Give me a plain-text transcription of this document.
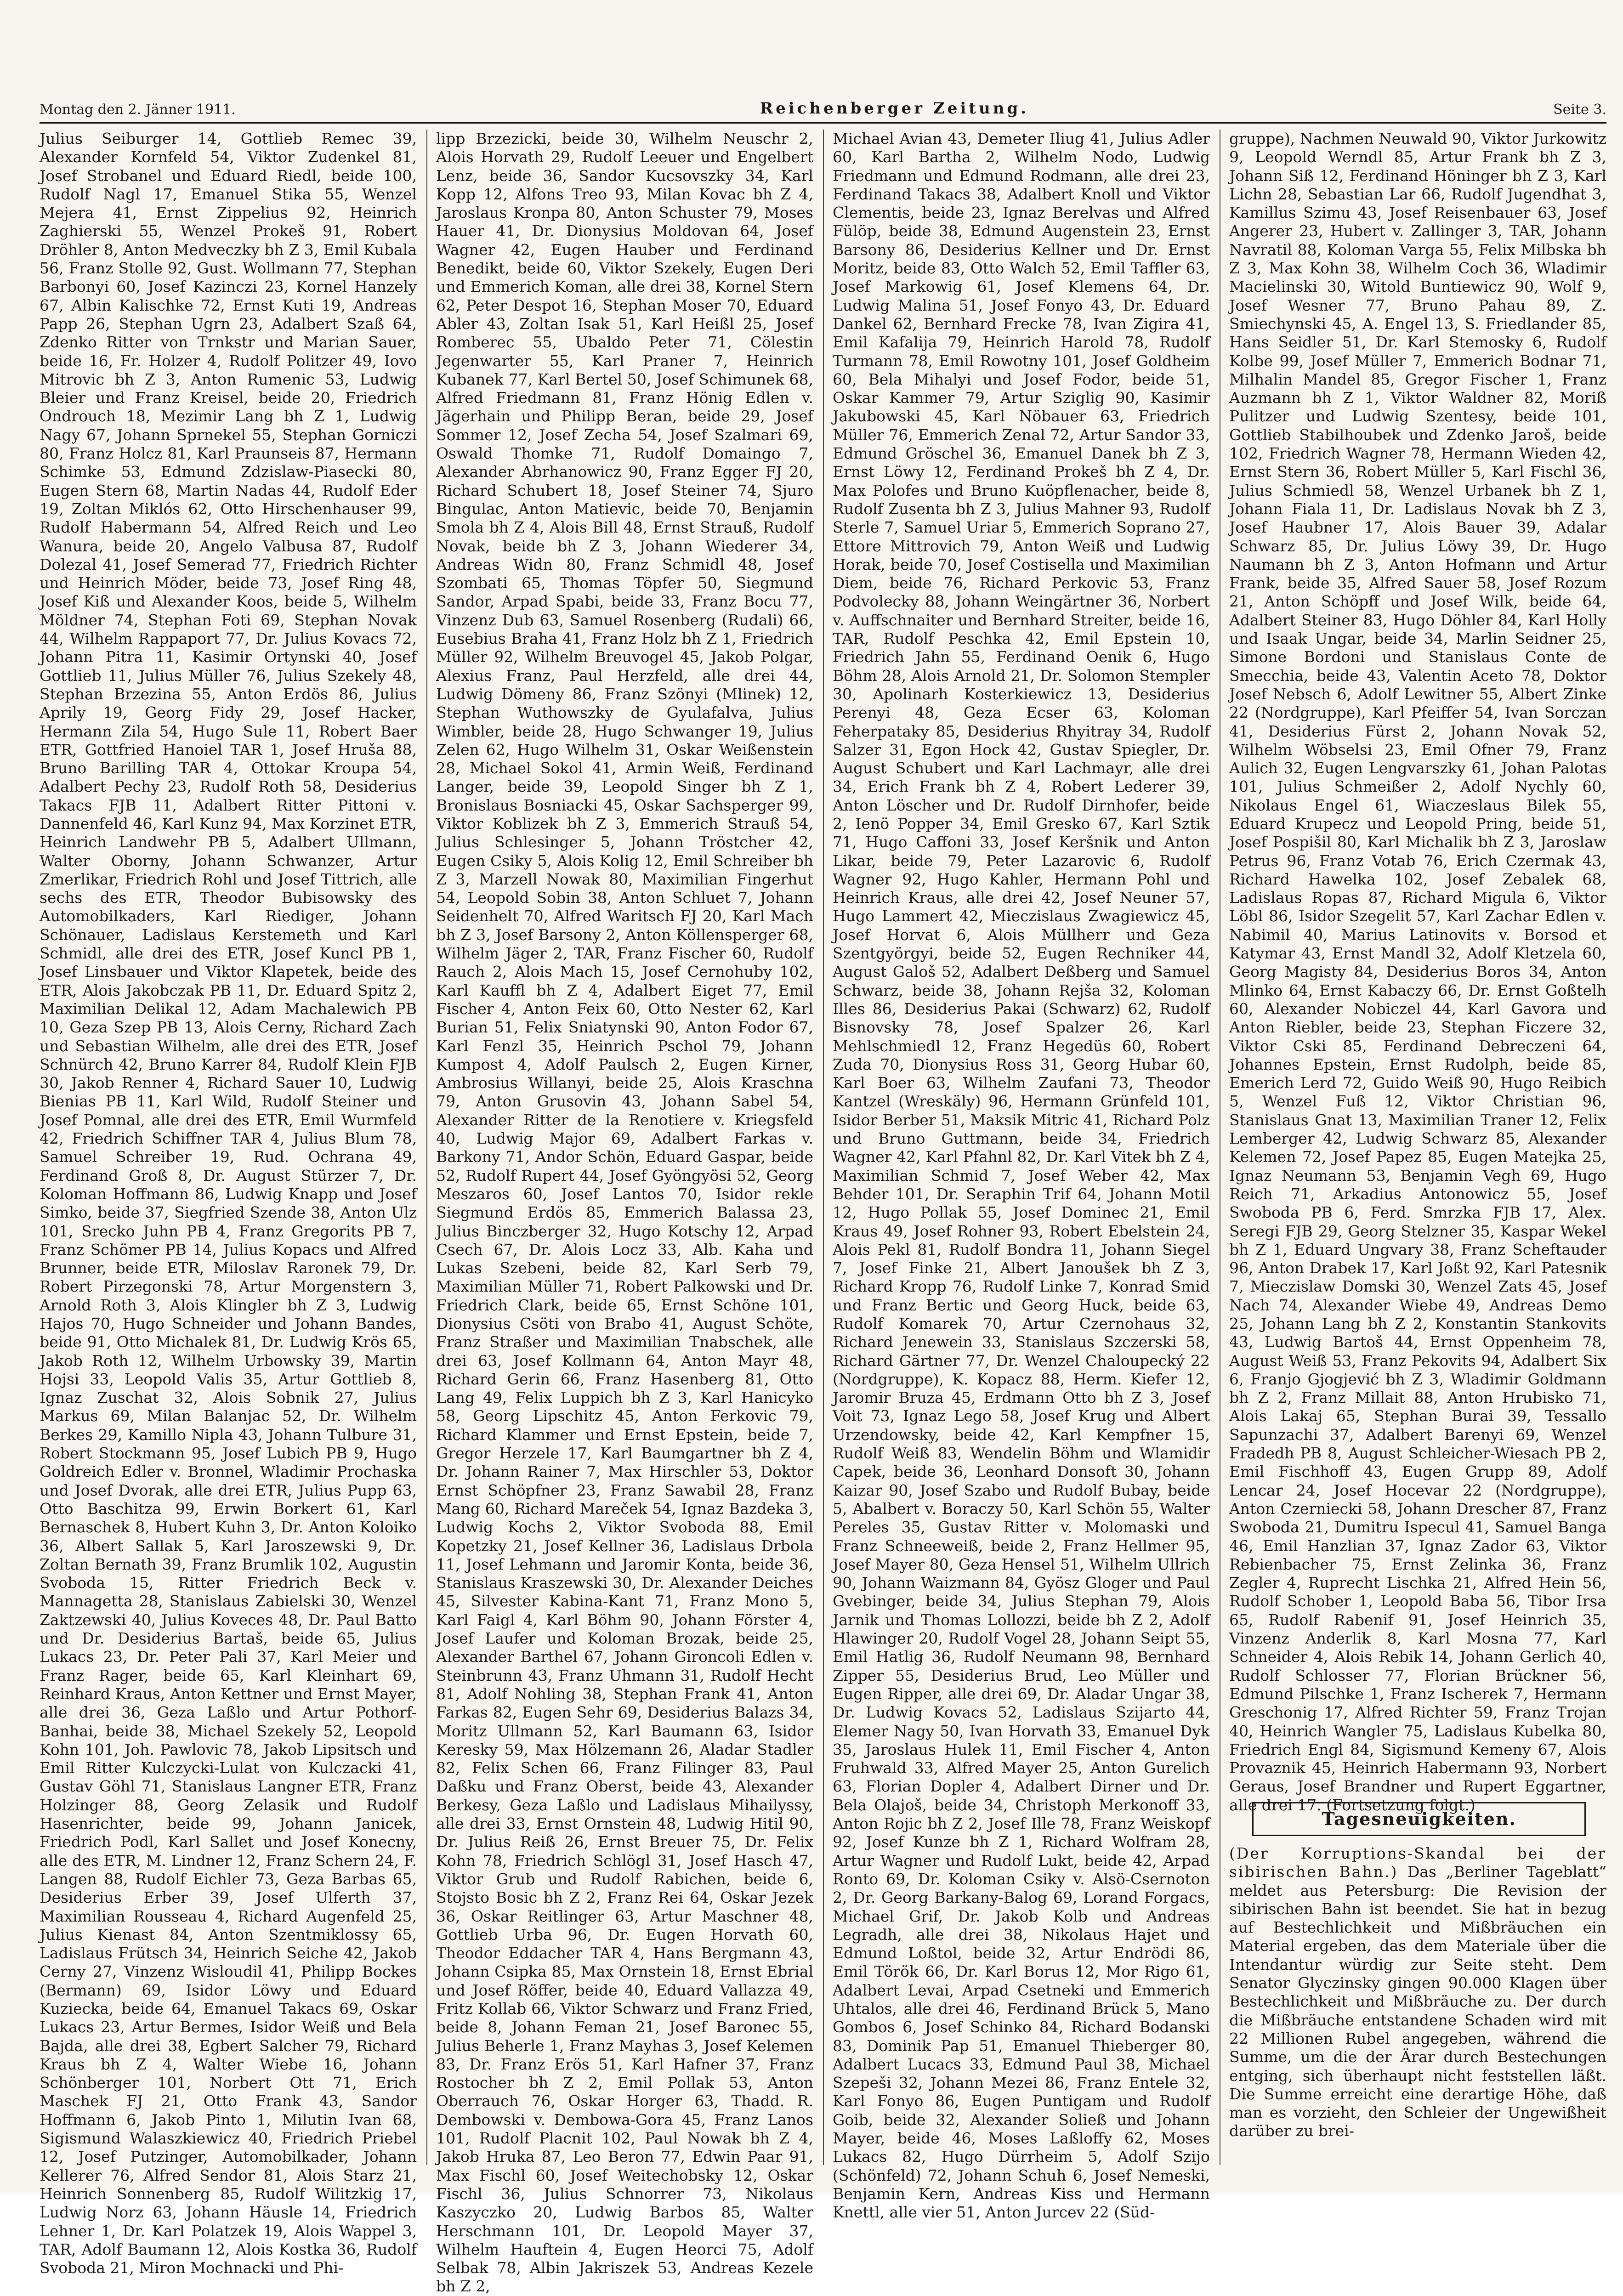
Montag den 2. Jänner 1911.	Reichenberger Zeitung.	Seite 3.

Julius Seiburger 14, Gottlieb Remec 39, Alexander Kornfeld 54, Viktor Zudenkel 81, Josef Strobanel und Eduard Riedl, beide 100, Rudolf Nagl 17, Emanuel Stika 55, Wenzel Mejera 41, Ernst Zippelius 92, Heinrich Zaghierski 55, Wenzel Prokeš 91, Robert Dröhler 8, Anton Medveczky bh Z 3, Emil Kubala 56, Franz Stolle 92, Gust. Wollmann 77, Stephan Barbonyi 60, Josef Kazinczi 23, Kornel Hanzely 67, Albin Kalischke 72, Ernst Kuti 19, Andreas Papp 26, Stephan Ugrn 23, Adalbert Szaß 64, Zdenko Ritter von Trnkstr und Marian Sauer, beide 16, Fr. Holzer 4, Rudolf Politzer 49, Iovo Mitrovic bh Z 3, Anton Rumenic 53, Ludwig Bleier und Franz Kreisel, beide 20, Friedrich Ondrouch 18, Mezimir Lang bh Z 1, Ludwig Nagy 67, Johann Sprnekel 55, Stephan Gorniczi 80, Franz Holcz 81, Karl Praunseis 87, Hermann Schimke 53, Edmund Zdzislaw-Piasecki 80, Eugen Stern 68, Martin Nadas 44, Rudolf Eder 19, Zoltan Miklós 62, Otto Hirschenhauser 99, Rudolf Habermann 54, Alfred Reich und Leo Wanura, beide 20, Angelo Valbusa 87, Rudolf Dolezal 41, Josef Semerad 77, Friedrich Richter und Heinrich Möder, beide 73, Josef Ring 48, Josef Kiß und Alexander Koos, beide 5, Wilhelm Möldner 74, Stephan Foti 69, Stephan Novak 44, Wilhelm Rappaport 77, Dr. Julius Kovacs 72, Johann Pitra 11, Kasimir Ortynski 40, Josef Gottlieb 11, Julius Müller 76, Julius Szekely 48, Stephan Brzezina 55, Anton Erdös 86, Julius Aprily 19, Georg Fidy 29, Josef Hacker, Hermann Zila 54, Hugo Sule 11, Robert Baer ETR, Gottfried Hanoiel TAR 1, Josef Hruša 88, Bruno Barilling TAR 4, Ottokar Kroupa 54, Adalbert Pechy 23, Rudolf Roth 58, Desiderius Takacs FJB 11, Adalbert Ritter Pittoni v. Dannenfeld 46, Karl Kunz 94, Max Korzinet ETR, Heinrich Landwehr PB 5, Adalbert Ullmann, Walter Oborny, Johann Schwanzer, Artur Zmerlikar, Friedrich Rohl und Josef Tittrich, alle sechs des ETR, Theodor Bubisowsky des Automobilkaders, Karl Riediger, Johann Schönauer, Ladislaus Kerstemeth und Karl Schmidl, alle drei des ETR, Josef Kuncl PB 1, Josef Linsbauer und Viktor Klapetek, beide des ETR, Alois Jakobczak PB 11, Dr. Eduard Spitz 2, Maximilian Delikal 12, Adam Machalewich PB 10, Geza Szep PB 13, Alois Cerny, Richard Zach und Sebastian Wilhelm, alle drei des ETR, Josef Schnürch 42, Bruno Karrer 84, Rudolf Klein FJB 30, Jakob Renner 4, Richard Sauer 10, Ludwig Bienias PB 11, Karl Wild, Rudolf Steiner und Josef Pomnal, alle drei des ETR, Emil Wurmfeld 42, Friedrich Schiffner TAR 4, Julius Blum 78, Samuel Schreiber 19, Rud. Ochrana 49, Ferdinand Groß 8, Dr. August Stürzer 7, Dr. Koloman Hoffmann 86, Ludwig Knapp und Josef Simko, beide 37, Siegfried Szende 38, Anton Ulz 101, Srecko Juhn PB 4, Franz Gregorits PB 7, Franz Schömer PB 14, Julius Kopacs und Alfred Brunner, beide ETR, Miloslav Raronek 79, Dr. Robert Pirzegonski 78, Artur Morgenstern 3, Arnold Roth 3, Alois Klingler bh Z 3, Ludwig Hajos 70, Hugo Schneider und Johann Bandes, beide 91, Otto Michalek 81, Dr. Ludwig Krös 65, Jakob Roth 12, Wilhelm Urbowsky 39, Martin Hojsi 33, Leopold Valis 35, Artur Gottlieb 8, Ignaz Zuschat 32, Alois Sobnik 27, Julius Markus 69, Milan Balanjac 52, Dr. Wilhelm Berkes 29, Kamillo Nipla 43, Johann Tulbure 31, Robert Stockmann 95, Josef Lubich PB 9, Hugo Goldreich Edler v. Bronnel, Wladimir Prochaska und Josef Dvorak, alle drei ETR, Julius Pupp 63, Otto Baschitza 99, Erwin Borkert 61, Karl Bernaschek 8, Hubert Kuhn 3, Dr. Anton Koloiko 36, Albert Sallak 5, Karl Jaroszewski 9, Dr. Zoltan Bernath 39, Franz Brumlik 102, Augustin Svoboda 15, Ritter Friedrich Beck v. Mannagetta 28, Stanislaus Zabielski 30, Wenzel Zaktzewski 40, Julius Koveces 48, Dr. Paul Batto und Dr. Desiderius Bartaš, beide 65, Julius Lukacs 23, Dr. Peter Pali 37, Karl Meier und Franz Rager, beide 65, Karl Kleinhart 69, Reinhard Kraus, Anton Kettner und Ernst Mayer, alle drei 36, Geza Laßlo und Artur Pothorf-Banhai, beide 38, Michael Szekely 52, Leopold Kohn 101, Joh. Pawlovic 78, Jakob Lipsitsch und Emil Ritter Kulczycki-Lulat von Kulczacki 41, Gustav Göhl 71, Stanislaus Langner ETR, Franz Holzinger 88, Georg Zelasik und Rudolf Hasenrichter, beide 99, Johann Janicek, Friedrich Podl, Karl Sallet und Josef Konecny, alle des ETR, M. Lindner 12, Franz Schern 24, F. Langen 88, Rudolf Eichler 73, Geza Barbas 65, Desiderius Erber 39, Josef Ulferth 37, Maximilian Rousseau 4, Richard Augenfeld 25, Julius Kienast 84, Anton Szentmiklossy 65, Ladislaus Frütsch 34, Heinrich Seiche 42, Jakob Cerny 27, Vinzenz Wisloudil 41, Philipp Bockes (Bermann) 69, Isidor Löwy und Eduard Kuziecka, beide 64, Emanuel Takacs 69, Oskar Lukacs 23, Artur Bermes, Isidor Weiß und Bela Bajda, alle drei 38, Egbert Salcher 79, Richard Kraus bh Z 4, Walter Wiebe 16, Johann Schönberger 101, Norbert Ott 71, Erich Maschek FJ 21, Otto Frank 43, Sandor Hoffmann 6, Jakob Pinto 1, Milutin Ivan 68, Sigismund Walaszkiewicz 40, Friedrich Priebel 12, Josef Putzinger, Automobilkader, Johann Kellerer 76, Alfred Sendor 81, Alois Starz 21, Heinrich Sonnenberg 85, Rudolf Wilitzkig 17, Ludwig Norz 63, Johann Häusle 14, Friedrich Lehner 1, Dr. Karl Polatzek 19, Alois Wappel 3, TAR, Adolf Baumann 12, Alois Kostka 36, Rudolf Svoboda 21, Miron Mochnacki und Phi-

lipp Brzezicki, beide 30, Wilhelm Neuschr 2, Alois Horvath 29, Rudolf Leeuer und Engelbert Lenz, beide 36, Sandor Kucsovszky 34, Karl Kopp 12, Alfons Treo 93, Milan Kovac bh Z 4, Jaroslaus Kronpa 80, Anton Schuster 79, Moses Hauer 41, Dr. Dionysius Moldovan 64, Josef Wagner 42, Eugen Hauber und Ferdinand Benedikt, beide 60, Viktor Szekely, Eugen Deri und Emmerich Koman, alle drei 38, Kornel Stern 62, Peter Despot 16, Stephan Moser 70, Eduard Abler 43, Zoltan Isak 51, Karl Heißl 25, Josef Romberec 55, Ubaldo Peter 71, Cölestin Jegenwarter 55, Karl Praner 7, Heinrich Kubanek 77, Karl Bertel 50, Josef Schimunek 68, Alfred Friedmann 81, Franz Hönig Edlen v. Jägerhain und Philipp Beran, beide 29, Josef Sommer 12, Josef Zecha 54, Josef Szalmari 69, Oswald Thomke 71, Rudolf Domaingo 7, Alexander Abrhanowicz 90, Franz Egger FJ 20, Richard Schubert 18, Josef Steiner 74, Sjuro Bingulac, Anton Matievic, beide 70, Benjamin Smola bh Z 4, Alois Bill 48, Ernst Strauß, Rudolf Novak, beide bh Z 3, Johann Wiederer 34, Andreas Widn 80, Franz Schmidl 48, Josef Szombati 65, Thomas Töpfer 50, Siegmund Sandor, Arpad Spabi, beide 33, Franz Bocu 77, Vinzenz Dub 63, Samuel Rosenberg (Rudali) 66, Eusebius Braha 41, Franz Holz bh Z 1, Friedrich Müller 92, Wilhelm Breuvogel 45, Jakob Polgar, Alexius Franz, Paul Herzfeld, alle drei 44, Ludwig Dömeny 86, Franz Szönyi (Mlinek) 12, Stephan Wuthowszky de Gyulafalva, Julius Wimbler, beide 28, Hugo Schwanger 19, Julius Zelen 62, Hugo Wilhelm 31, Oskar Weißenstein 28, Michael Sokol 41, Armin Weiß, Ferdinand Langer, beide 39, Leopold Singer bh Z 1, Bronislaus Bosniacki 45, Oskar Sachsperger 99, Viktor Koblizek bh Z 3, Emmerich Strauß 54, Julius Schlesinger 5, Johann Tröstcher 42, Eugen Csiky 5, Alois Kolig 12, Emil Schreiber bh Z 3, Marzell Nowak 80, Maximilian Fingerhut 54, Leopold Sobin 38, Anton Schluet 7, Johann Seidenhelt 70, Alfred Waritsch FJ 20, Karl Mach bh Z 3, Josef Barsony 2, Anton Köllensperger 68, Wilhelm Jäger 2, TAR, Franz Fischer 60, Rudolf Rauch 2, Alois Mach 15, Josef Cernohuby 102, Karl Kauffl bh Z 4, Adalbert Eiget 77, Emil Fischer 4, Anton Feix 60, Otto Nester 62, Karl Burian 51, Felix Sniatynski 90, Anton Fodor 67, Karl Fenzl 35, Heinrich Pschol 79, Johann Kumpost 4, Adolf Paulsch 2, Eugen Kirner, Ambrosius Willanyi, beide 25, Alois Kraschna 79, Anton Grusovin 43, Johann Sabel 54, Alexander Ritter de la Renotiere v. Kriegsfeld 40, Ludwig Major 69, Adalbert Farkas v. Barkony 71, Andor Schön, Eduard Gaspar, beide 52, Rudolf Rupert 44, Josef Gyöngyösi 52, Georg Meszaros 60, Josef Lantos 70, Isidor rekle Siegmund Erdös 85, Emmerich Balassa 23, Julius Binczberger 32, Hugo Kotschy 12, Arpad Csech 67, Dr. Alois Locz 33, Alb. Kaha und Lukas Szebeni, beide 82, Karl Serb 79, Maximilian Müller 71, Robert Palkowski und Dr. Friedrich Clark, beide 65, Ernst Schöne 101, Dionysius Csöti von Brabo 41, August Schöte, Franz Straßer und Maximilian Tnabschek, alle drei 63, Josef Kollmann 64, Anton Mayr 48, Richard Gerin 66, Franz Hasenberg 81, Otto Lang 49, Felix Luppich bh Z 3, Karl Hanicyko 58, Georg Lipschitz 45, Anton Ferkovic 79, Richard Klammer und Ernst Epstein, beide 7, Gregor Herzele 17, Karl Baumgartner bh Z 4, Dr. Johann Rainer 7, Max Hirschler 53, Doktor Ernst Schöpfner 23, Franz Sawabil 28, Franz Mang 60, Richard Mareček 54, Ignaz Bazdeka 3, Ludwig Kochs 2, Viktor Svoboda 88, Emil Kopetzky 21, Josef Kellner 36, Ladislaus Drbola 11, Josef Lehmann und Jaromir Konta, beide 36, Stanislaus Kraszewski 30, Dr. Alexander Deiches 45, Silvester Kabina-Kant 71, Franz Mono 5, Karl Faigl 4, Karl Böhm 90, Johann Förster 4, Josef Laufer und Koloman Brozak, beide 25, Alexander Barthel 67, Johann Gironcoli Edlen v. Steinbrunn 43, Franz Uhmann 31, Rudolf Hecht 81, Adolf Nohling 38, Stephan Frank 41, Anton Farkas 82, Eugen Sehr 69, Desiderius Balazs 34, Moritz Ullmann 52, Karl Baumann 63, Isidor Keresky 59, Max Hölzemann 26, Aladar Stadler 82, Felix Schen 66, Franz Filinger 83, Paul Daßku und Franz Oberst, beide 43, Alexander Berkesy, Geza Laßlo und Ladislaus Mihailyssy, alle drei 33, Ernst Ornstein 48, Ludwig Hitil 90, Dr. Julius Reiß 26, Ernst Breuer 75, Dr. Felix Kohn 78, Friedrich Schlögl 31, Josef Hasch 47, Viktor Grub und Rudolf Rabichen, beide 6, Stojsto Bosic bh Z 2, Franz Rei 64, Oskar Jezek 36, Oskar Reitlinger 63, Artur Maschner 48, Gottlieb Urba 96, Dr. Eugen Horvath 60, Theodor Eddacher TAR 4, Hans Bergmann 43, Johann Csipka 85, Max Ornstein 18, Ernst Ebrial und Josef Röffer, beide 40, Eduard Vallazza 49, Fritz Kollab 66, Viktor Schwarz und Franz Fried, beide 8, Johann Feman 21, Josef Baronec 55, Julius Beherle 1, Franz Mayhas 3, Josef Kelemen 83, Dr. Franz Erös 51, Karl Hafner 37, Franz Rostocher bh Z 2, Emil Pollak 53, Anton Oberrauch 76, Oskar Horger 63, Thadd. R. Dembowski v. Dembowa-Gora 45, Franz Lanos 101, Rudolf Placnit 102, Paul Nowak bh Z 4, Jakob Hruka 87, Leo Beron 77, Edwin Paar 91, Max Fischl 60, Josef Weitechobsky 12, Oskar Fischl 36, Julius Schnorrer 73, Nikolaus Kaszyczko 20, Ludwig Barbos 85, Walter Herschmann 101, Dr. Leopold Mayer 37, Wilhelm Hauftein 4, Eugen Heorci 75, Adolf Selbak 78, Albin Jakriszek 53, Andreas Kezele bh Z 2,

Michael Avian 43, Demeter Iliug 41, Julius Adler 60, Karl Bartha 2, Wilhelm Nodo, Ludwig Friedmann und Edmund Rodmann, alle drei 23, Ferdinand Takacs 38, Adalbert Knoll und Viktor Clementis, beide 23, Ignaz Berelvas und Alfred Fülöp, beide 38, Edmund Augenstein 23, Ernst Barsony 86, Desiderius Kellner und Dr. Ernst Moritz, beide 83, Otto Walch 52, Emil Taffler 63, Josef Markowig 61, Josef Klemens 64, Dr. Ludwig Malina 51, Josef Fonyo 43, Dr. Eduard Dankel 62, Bernhard Frecke 78, Ivan Zigira 41, Emil Kafalija 79, Heinrich Harold 78, Rudolf Turmann 78, Emil Rowotny 101, Josef Goldheim 60, Bela Mihalyi und Josef Fodor, beide 51, Oskar Kammer 79, Artur Sziglig 90, Kasimir Jakubowski 45, Karl Nöbauer 63, Friedrich Müller 76, Emmerich Zenal 72, Artur Sandor 33, Edmund Gröschel 36, Emanuel Danek bh Z 3, Ernst Löwy 12, Ferdinand Prokeš bh Z 4, Dr. Max Polofes und Bruno Kuöpflenacher, beide 8, Rudolf Zusenta bh Z 3, Julius Mahner 93, Rudolf Sterle 7, Samuel Uriar 5, Emmerich Soprano 27, Ettore Mittrovich 79, Anton Weiß und Ludwig Horak, beide 70, Josef Costisella und Maximilian Diem, beide 76, Richard Perkovic 53, Franz Podvolecky 88, Johann Weingärtner 36, Norbert v. Auffschnaiter und Bernhard Streiter, beide 16, TAR, Rudolf Peschka 42, Emil Epstein 10, Friedrich Jahn 55, Ferdinand Oenik 6, Hugo Böhm 28, Alois Arnold 21, Dr. Solomon Stempler 30, Apolinarh Kosterkiewicz 13, Desiderius Perenyi 48, Geza Ecser 63, Koloman Feherpataky 85, Desiderius Rhyitray 34, Rudolf Salzer 31, Egon Hock 42, Gustav Spiegler, Dr. August Schubert und Karl Lachmayr, alle drei 34, Erich Frank bh Z 4, Robert Lederer 39, Anton Löscher und Dr. Rudolf Dirnhofer, beide 2, Ienö Popper 34, Emil Gresko 67, Karl Sztik 71, Hugo Caffoni 33, Josef Keršnik und Anton Likar, beide 79, Peter Lazarovic 6, Rudolf Wagner 92, Hugo Kahler, Hermann Pohl und Heinrich Kraus, alle drei 42, Josef Neuner 57, Hugo Lammert 42, Mieczislaus Zwagiewicz 45, Josef Horvat 6, Alois Müllherr und Geza Szentgyörgyi, beide 52, Eugen Rechniker 44, August Galoš 52, Adalbert Deßberg und Samuel Schwarz, beide 38, Johann Rejša 32, Koloman Illes 86, Desiderius Pakai (Schwarz) 62, Rudolf Bisnovsky 78, Josef Spalzer 26, Karl Mehlschmiedl 12, Franz Hegedüs 60, Robert Zuda 70, Dionysius Ross 31, Georg Hubar 60, Karl Boer 63, Wilhelm Zaufani 73, Theodor Kantzel (Wreskäly) 96, Hermann Grünfeld 101, Isidor Berber 51, Maksik Mitric 41, Richard Polz und Bruno Guttmann, beide 34, Friedrich Wagner 42, Karl Pfahnl 82, Dr. Karl Vitek bh Z 4, Maximilian Schmid 7, Josef Weber 42, Max Behder 101, Dr. Seraphin Trif 64, Johann Motil 12, Hugo Pollak 55, Josef Dominec 21, Emil Kraus 49, Josef Rohner 93, Robert Ebelstein 24, Alois Pekl 81, Rudolf Bondra 11, Johann Siegel 7, Josef Finke 21, Albert Janoušek bh Z 3, Richard Kropp 76, Rudolf Linke 7, Konrad Smid und Franz Bertic und Georg Huck, beide 63, Rudolf Komarek 70, Artur Czernohaus 32, Richard Jenewein 33, Stanislaus Szczerski 58, Richard Gärtner 77, Dr. Wenzel Chaloupecký 22 (Nordgruppe), K. Kopacz 88, Herm. Kiefer 12, Jaromir Bruza 45, Erdmann Otto bh Z 3, Josef Voit 73, Ignaz Lego 58, Josef Krug und Albert Urzendowsky, beide 42, Karl Kempfner 15, Rudolf Weiß 83, Wendelin Böhm und Wlamidir Capek, beide 36, Leonhard Donsoft 30, Johann Kaizar 90, Josef Szabo und Rudolf Bubay, beide 5, Abalbert v. Boraczy 50, Karl Schön 55, Walter Pereles 35, Gustav Ritter v. Molomaski und Franz Schneeweiß, beide 2, Franz Hellmer 95, Josef Mayer 80, Geza Hensel 51, Wilhelm Ullrich 90, Johann Waizmann 84, Gyösz Gloger und Paul Gvebinger, beide 34, Julius Stephan 79, Alois Jarnik und Thomas Lollozzi, beide bh Z 2, Adolf Hlawinger 20, Rudolf Vogel 28, Johann Seipt 55, Emil Hatlig 36, Rudolf Neumann 98, Bernhard Zipper 55, Desiderius Brud, Leo Müller und Eugen Ripper, alle drei 69, Dr. Aladar Ungar 38, Dr. Ludwig Kovacs 52, Ladislaus Szijarto 44, Elemer Nagy 50, Ivan Horvath 33, Emanuel Dyk 35, Jaroslaus Hulek 11, Emil Fischer 4, Anton Fruhwald 33, Alfred Mayer 25, Anton Gurelich 63, Florian Dopler 4, Adalbert Dirner und Dr. Bela Olajoš, beide 34, Christoph Merkonoff 33, Anton Rojic bh Z 2, Josef Ille 78, Franz Weiskopf 92, Josef Kunze bh Z 1, Richard Wolfram 28, Artur Wagner und Rudolf Lukt, beide 42, Arpad Ronto 69, Dr. Koloman Csiky v. Alsö-Csernoton 2, Dr. Georg Barkany-Balog 69, Lorand Forgacs, Michael Grif, Dr. Jakob Kolb und Andreas Legradh, alle drei 38, Nikolaus Hajet und Edmund Loßtol, beide 32, Artur Endrödi 86, Emil Török 66, Dr. Karl Borus 12, Mor Rigo 61, Adalbert Levai, Arpad Csetneki und Emmerich Uhtalos, alle drei 46, Ferdinand Brück 5, Mano Gombos 6, Josef Schinko 84, Richard Bodanski 83, Dominik Pap 51, Emanuel Thieberger 80, Adalbert Lucacs 33, Edmund Paul 38, Michael Szepeši 32, Johann Mezei 86, Franz Entele 32, Karl Fonyo 86, Eugen Puntigam und Rudolf Goib, beide 32, Alexander Soließ und Johann Mayer, beide 46, Moses Laßloffy 62, Moses Lukacs 82, Hugo Dürrheim 5, Adolf Szijo (Schönfeld) 72, Johann Schuh 6, Josef Nemeski, Benjamin Kern, Andreas Kiss und Hermann Knettl, alle vier 51, Anton Jurcev 22 (Süd-

gruppe), Nachmen Neuwald 90, Viktor Jurkowitz 9, Leopold Werndl 85, Artur Frank bh Z 3, Johann Siß 12, Ferdinand Höninger bh Z 3, Karl Lichn 28, Sebastian Lar 66, Rudolf Jugendhat 3, Kamillus Szimu 43, Josef Reisenbauer 63, Josef Angerer 23, Hubert v. Zallinger 3, TAR, Johann Navratil 88, Koloman Varga 55, Felix Milbska bh Z 3, Max Kohn 38, Wilhelm Coch 36, Wladimir Macielinski 30, Witold Buntiewicz 90, Wolf 9, Josef Wesner 77, Bruno Pahau 89, Z. Smiechynski 45, A. Engel 13, S. Friedlander 85, Hans Seidler 51, Dr. Karl Stemosky 6, Rudolf Kolbe 99, Josef Müller 7, Emmerich Bodnar 71, Milhalin Mandel 85, Gregor Fischer 1, Franz Auzmann bh Z 1, Viktor Waldner 82, Moriß Pulitzer und Ludwig Szentesy, beide 101, Gottlieb Stabilhoubek und Zdenko Jaroš, beide 102, Friedrich Wagner 78, Hermann Wieden 42, Ernst Stern 36, Robert Müller 5, Karl Fischl 36, Julius Schmiedl 58, Wenzel Urbanek bh Z 1, Johann Fiala 11, Dr. Ladislaus Novak bh Z 3, Josef Haubner 17, Alois Bauer 39, Adalar Schwarz 85, Dr. Julius Löwy 39, Dr. Hugo Naumann bh Z 3, Anton Hofmann und Artur Frank, beide 35, Alfred Sauer 58, Josef Rozum 21, Anton Schöpff und Josef Wilk, beide 64, Adalbert Steiner 83, Hugo Döhler 84, Karl Holly und Isaak Ungar, beide 34, Marlin Seidner 25, Simone Bordoni und Stanislaus Conte de Smecchia, beide 43, Valentin Aceto 78, Doktor Josef Nebsch 6, Adolf Lewitner 55, Albert Zinke 22 (Nordgruppe), Karl Pfeiffer 54, Ivan Sorczan 41, Desiderius Fürst 2, Johann Novak 52, Wilhelm Wöbselsi 23, Emil Ofner 79, Franz Aulich 32, Eugen Lengvarszky 61, Johan Palotas 101, Julius Schmeißer 2, Adolf Nychly 60, Nikolaus Engel 61, Wiaczeslaus Bilek 55, Eduard Krupecz und Leopold Pring, beide 51, Josef Pospišil 80, Karl Michalik bh Z 3, Jaroslaw Petrus 96, Franz Votab 76, Erich Czermak 43, Richard Hawelka 102, Josef Zebalek 68, Ladislaus Ropas 87, Richard Migula 6, Viktor Löbl 86, Isidor Szegelit 57, Karl Zachar Edlen v. Nabimil 40, Marius Latinovits v. Borsod et Katymar 43, Ernst Mandl 32, Adolf Kletzela 60, Georg Magisty 84, Desiderius Boros 34, Anton Mlinko 64, Ernst Kabaczy 66, Dr. Ernst Goßtelh 60, Alexander Nobiczel 44, Karl Gavora und Anton Riebler, beide 23, Stephan Ficzere 32, Viktor Cski 85, Ferdinand Debreczeni 64, Johannes Epstein, Ernst Rudolph, beide 85, Emerich Lerd 72, Guido Weiß 90, Hugo Reibich 5, Wenzel Fuß 12, Viktor Christian 96, Stanislaus Gnat 13, Maximilian Traner 12, Felix Lemberger 42, Ludwig Schwarz 85, Alexander Kelemen 72, Josef Papez 85, Eugen Matejka 25, Ignaz Neumann 53, Benjamin Vegh 69, Hugo Reich 71, Arkadius Antonowicz 55, Josef Swoboda PB 6, Ferd. Smrzka FJB 17, Alex. Seregi FJB 29, Georg Stelzner 35, Kaspar Wekel bh Z 1, Eduard Ungvary 38, Franz Scheftauder 96, Anton Drabek 17, Karl Joßt 92, Karl Patesnik 7, Mieczislaw Domski 30, Wenzel Zats 45, Josef Nach 74, Alexander Wiebe 49, Andreas Demo 25, Johann Lang bh Z 2, Konstantin Stankovits 43, Ludwig Bartoš 44, Ernst Oppenheim 78, August Weiß 53, Franz Pekovits 94, Adalbert Six 6, Franjo Gjogjević bh Z 3, Wladimir Goldmann bh Z 2, Franz Millait 88, Anton Hrubisko 71, Alois Lakaj 65, Stephan Burai 39, Tessallo Sapunzachi 37, Adalbert Barenyi 69, Wenzel Fradedh PB 8, August Schleicher-Wiesach PB 2, Emil Fischhoff 43, Eugen Grupp 89, Adolf Lencar 24, Josef Hocevar 22 (Nordgruppe), Anton Czerniecki 58, Johann Drescher 87, Franz Swoboda 21, Dumitru Ispecul 41, Samuel Banga 46, Emil Hanzlian 37, Ignaz Zador 63, Viktor Rebienbacher 75, Ernst Zelinka 36, Franz Zegler 4, Ruprecht Lischka 21, Alfred Hein 56, Rudolf Schober 1, Leopold Baba 56, Tibor Irsa 65, Rudolf Rabenif 91, Josef Heinrich 35, Vinzenz Anderlik 8, Karl Mosna 77, Karl Schneider 4, Alois Rebik 14, Johann Gerlich 40, Rudolf Schlosser 77, Florian Brückner 56, Edmund Pilschke 1, Franz Ischerek 7, Hermann Greschonig 17, Alfred Richter 59, Franz Trojan 40, Heinrich Wangler 75, Ladislaus Kubelka 80, Friedrich Engl 84, Sigismund Kemeny 67, Alois Provaznik 45, Heinrich Habermann 93, Norbert Geraus, Josef Brandner und Rupert Eggartner, alle drei 17. (Fortsetzung folgt.)

Tagesneuigkeiten.

(Der Korruptions-Skandal bei der sibirischen Bahn.) Das „Berliner Tageblatt“ meldet aus Petersburg: Die Revision der sibirischen Bahn ist beendet. Sie hat in bezug auf Bestechlichkeit und Mißbräuchen ein Material ergeben, das dem Materiale über die Intendantur würdig zur Seite steht. Dem Senator Glyczinsky gingen 90.000 Klagen über Bestechlichkeit und Mißbräuche zu. Der durch die Mißbräuche entstandene Schaden wird mit 22 Millionen Rubel angegeben, während die Summe, um die der Ärar durch Bestechungen entging, sich überhaupt nicht feststellen läßt. Die Summe erreicht eine derartige Höhe, daß man es vorzieht, den Schleier der Ungewißheit darüber zu brei-
